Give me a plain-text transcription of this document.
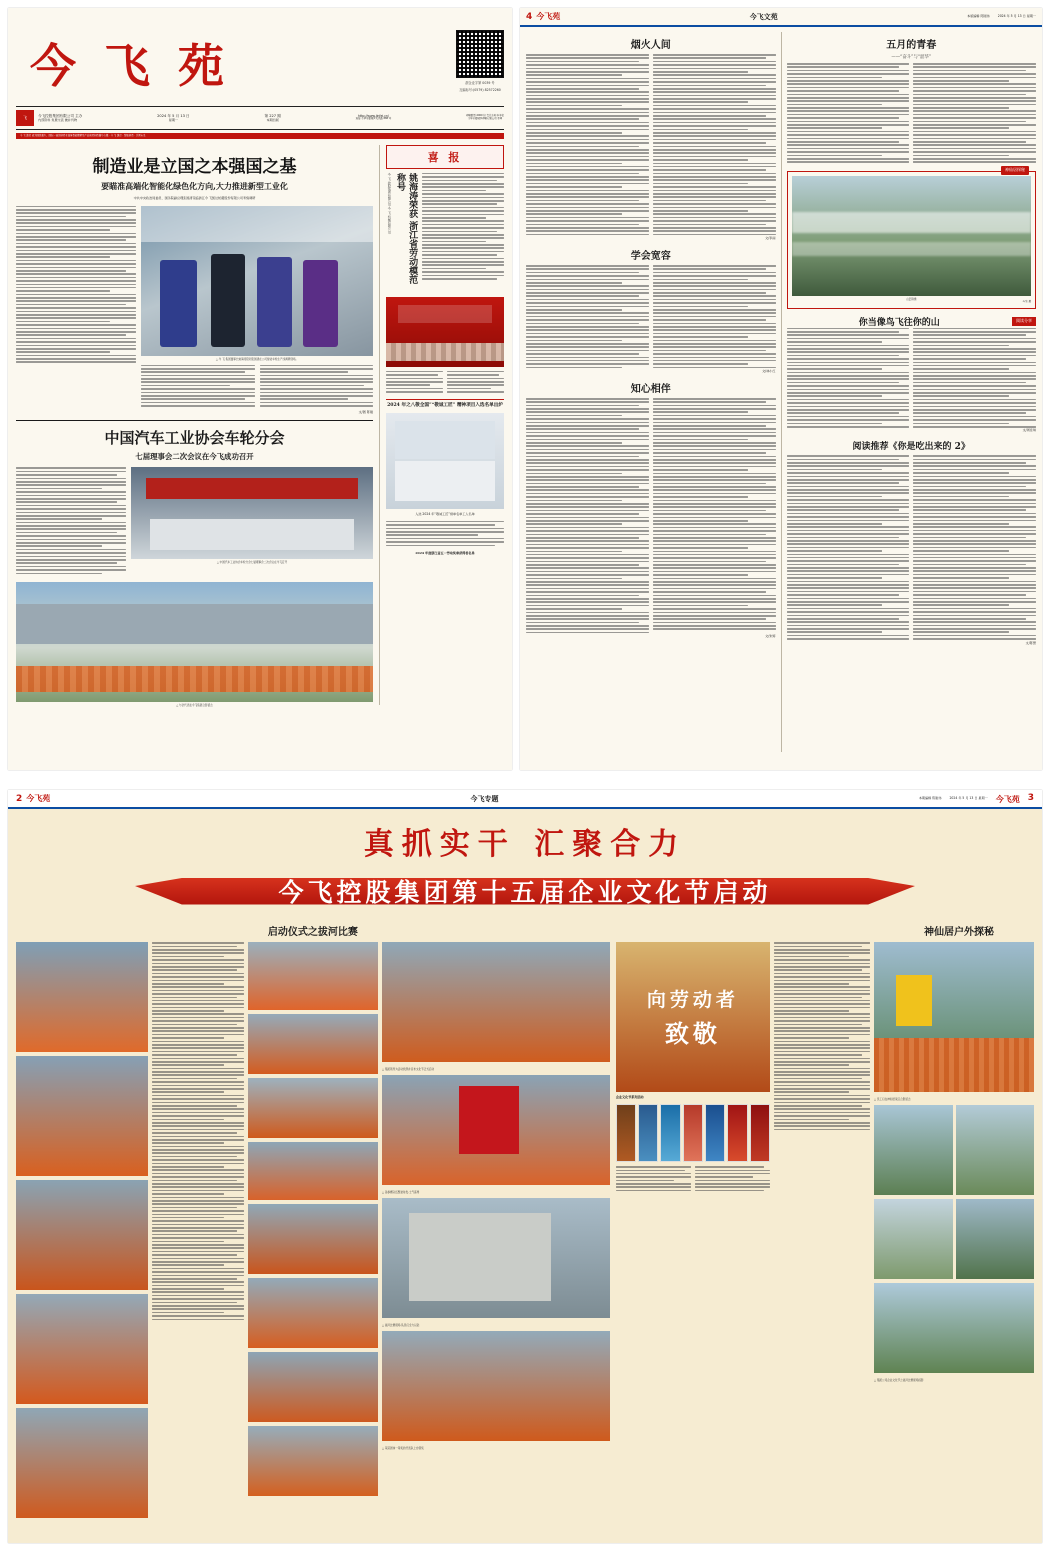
今 飞 苑	浙企业字第 0039 号
互编标号:(0579) 82572260
飞	今飞控股集团有限公司 主办
内部资料 免费交流 兼并刊物
2024 年 5 月 13 日
星期一
第 227 期
本期四版
http://www.jinfei.cn/
地址:金华市婺城区关真路 888 号
印刷数量:2000 份 责任方块:本单位
金华市婺城区印刷有限公司 承印
今 飞 速度 成为国民强车、国际一流的制造业装备智能降解及产品制造制造器车有限 · 今 飞 速度 · 智能制造 · 引领未来
制造业是立国之本强国之基
要瞄准高端化智能化绿色化方向,大力推进新型工业化
中共中央政治局委员、国务院副总理张国清花临浙江今 飞凯达轮毂股份有限公司考察调研
△ 今 飞 集团董事长姚海涛陪同张国清在公司智能车轮生产线调研现场。
文/图 陈刚
中国汽车工业协会车轮分会
七届理事会二次会议在今飞成功召开
△ 中国汽车工业协会车轮分会七届理事会二次会议在今飞召开
△ 与会代表在今飞集团合影留念
喜 报
今 飞 控股集团有限公司·今 飞 机械有限公司	姚海涛荣获 浙江省劳动模范 称号
2024 年之八敬全国”“敬诚工匠” 精神项目入选名单出炉
入选 2024 年“敬诚工匠”榜单名单工人名单
2024 年度浙江省五一劳动奖章获得者名单
4 今飞苑	今飞文苑	本版编辑 陈刚伟	2024 年 5 月 13 日 星期一
烟火人间
文/李丽
学会宽容
文/林小红
知心相伴
文/朱婷
五月的青春
——“奋斗”与“韶华”
神仙居探秘
山峦锦绣
⊙/东 摄
你当像鸟飞往你的山	阅读分享
文/周佳琪
阅读推荐《你是吃出来的 2》
文/陈慧
2 今飞苑	今飞专题	本期编辑 陈刚伟	2024 年 5 月 13 日 星期一 今飞苑 3
真抓实干 汇聚合力
今飞控股集团第十五届企业文化节启动
启动仪式之拔河比赛
△ 集团领导为活动致辞并宣布文化节正式启动
△ 各参赛队伍整装待发,士气高昂
△ 拔河比赛现场,队员们全力以赴
△ 荣获团体一等奖的代表队上台领奖
神仙居户外探秘
向劳动者
致敬
企业文化节系列活动
△ 员工们在神仙居景区合影留念
△ 集团公司企业文化节之拔河比赛现场掠影
